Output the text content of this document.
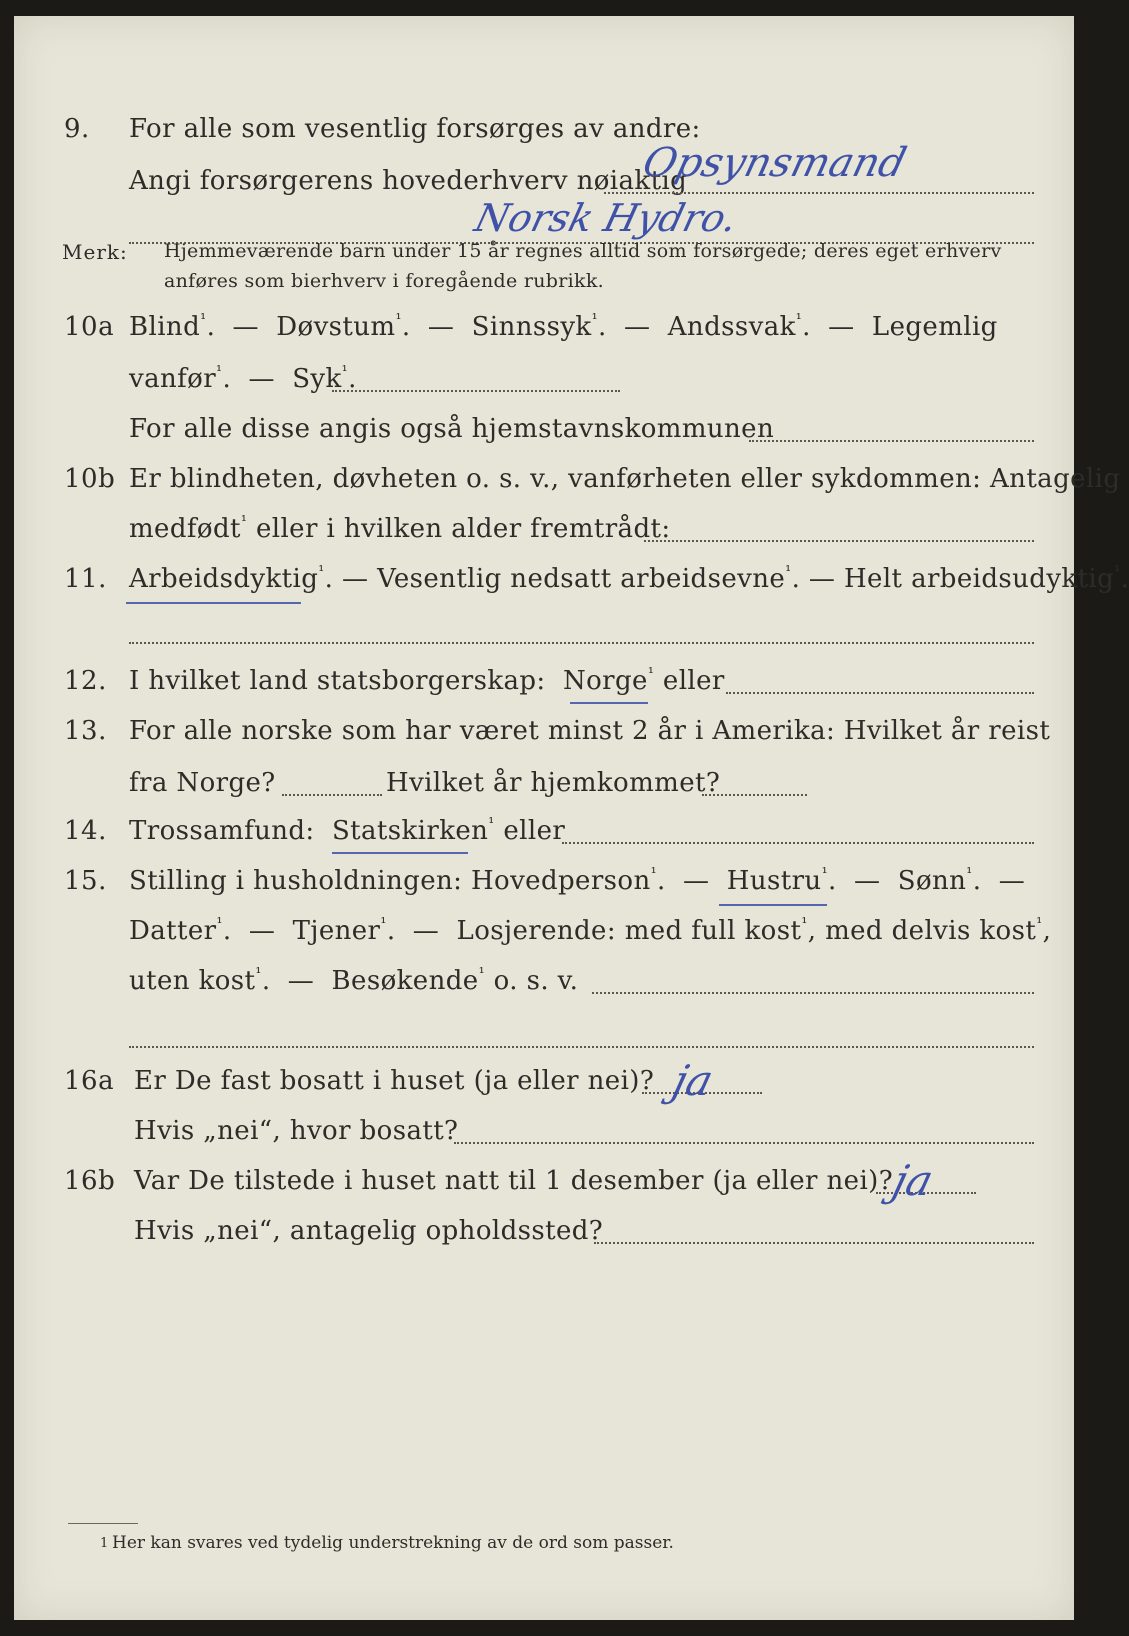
9. For alle som vesentlig forsørges av andre:
Angi forsørgerens hovederhverv nøiaktig
Opsynsmand
Norsk Hydro.
Merk: Hjemmeværende barn under 15 år regnes alltid som forsørgede; deres eget erhverv
anføres som bierhverv i foregående rubrikk.
10a Blind$^{^1}$.  —  Døvstum$^{^1}$.  —  Sinnssyk$^{^1}$.  —  Andssvak$^{^1}$.  —  Legemlig
vanfør$^{^1}$.  —  Syk$^{^1}$.
For alle disse angis også hjemstavnskommunen
10b Er blindheten, døvheten o. s. v., vanførheten eller sykdommen: Antagelig
medfødt$^{^1}$ eller i hvilken alder fremtrådt:
11. Arbeidsdyktig$^{^1}$. — Vesentlig nedsatt arbeidsevne$^{^1}$. — Helt arbeidsudyktig$^{^1}$.
12. I hvilket land statsborgerskap: Norge$^{^1}$ eller
13. For alle norske som har været minst 2 år i Amerika: Hvilket år reist
fra Norge?	Hvilket år hjemkommet?
14. Trossamfund: Statskirken$^{^1}$ eller
15. Stilling i husholdningen: Hovedperson$^{^1}$.  —  Hustru$^{^1}$.  —  Sønn$^{^1}$.  —
Datter$^{^1}$.  —  Tjener$^{^1}$.  —  Losjerende: med full kost$^{^1}$, med delvis kost$^{^1}$,
uten kost$^{^1}$.  —  Besøkende$^{^1}$ o. s. v.
16a Er De fast bosatt i huset (ja eller nei)? ja
Hvis „nei“, hvor bosatt?
16b Var De tilstede i huset natt til 1 desember (ja eller nei)?
ja
Hvis „nei“, antagelig opholdssted?
1 Her kan svares ved tydelig understrekning av de ord som passer.
